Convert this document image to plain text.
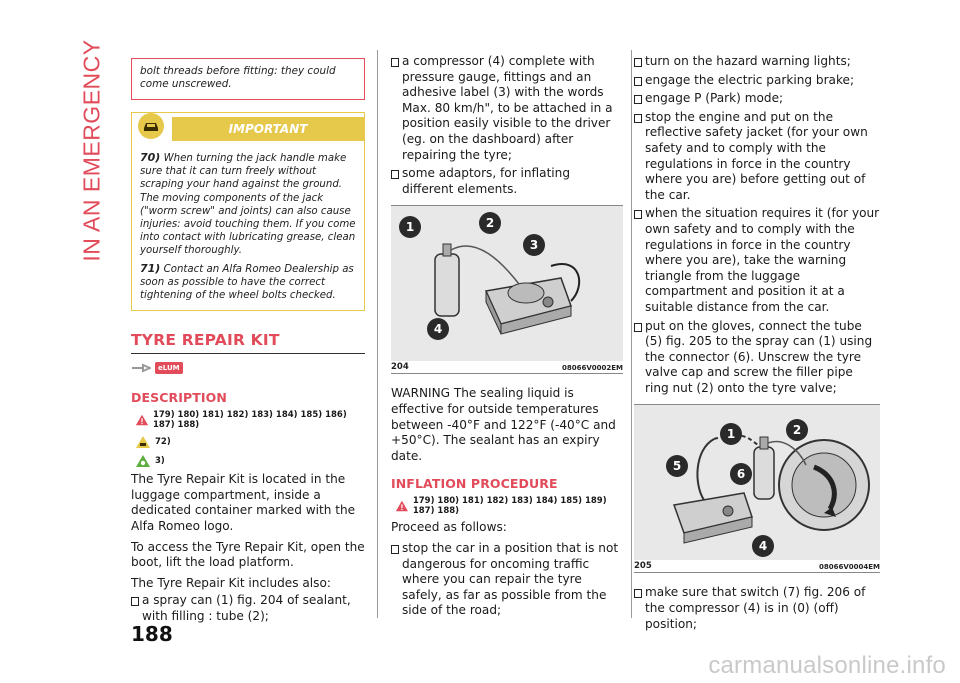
IN AN EMERGENCY	bolt threads before fitting: they could come unscrewed.
IMPORTANT
70) When turning the jack handle make sure that it can turn freely without scraping your hand against the ground. The moving components of the jack ("worm screw" and joints) can also cause injuries: avoid touching them. If you come into contact with lubricating grease, clean yourself thoroughly.
71) Contact an Alfa Romeo Dealership as soon as possible to have the correct tightening of the wheel bolts checked.
TYRE REPAIR KIT
eLUM
DESCRIPTION
179) 180) 181) 182) 183) 184) 185) 186) 187) 188)
72)
3)

The Tyre Repair Kit is located in the luggage compartment, inside a dedicated container marked with the Alfa Romeo logo.

To access the Tyre Repair Kit, open the boot, lift the load platform.

The Tyre Repair Kit includes also:

a spray can (1) fig. 204 of sealant, with filling : tube (2);
a compressor (4) complete with pressure gauge, fittings and an adhesive label (3) with the words Max. 80 km/h", to be attached in a position easily visible to the driver (eg. on the dashboard) after repairing the tyre;
some adaptors, for inflating different elements.
1	2
3
4
204	08066V0002EM

WARNING The sealing liquid is effective for outside temperatures between -40°F and 122°F (-40°C and +50°C). The sealant has an expiry date.

INFLATION PROCEDURE
179) 180) 181) 182) 183) 184) 185) 189) 187) 188)

Proceed as follows:

stop the car in a position that is not dangerous for oncoming traffic where you can repair the tyre safely, as far as possible from the side of the road;
turn on the hazard warning lights;
engage the electric parking brake;
engage P (Park) mode;
stop the engine and put on the reflective safety jacket (for your own safety and to comply with the regulations in force in the country where you are) before getting out of the car.
when the situation requires it (for your own safety and to comply with the regulations in force in the country where you are), take the warning triangle from the luggage compartment and position it at a suitable distance from the car.
put on the gloves, connect the tube (5) fig. 205 to the spray can (1) using the connector (6). Unscrew the tyre valve cap and screw the filler pipe ring nut (2) onto the tyre valve;
1	2
5
6
4
205	08066V0004EM
make sure that switch (7) fig. 206 of the compressor (4) is in (0) (off) position;
188
carmanualsonline.info
